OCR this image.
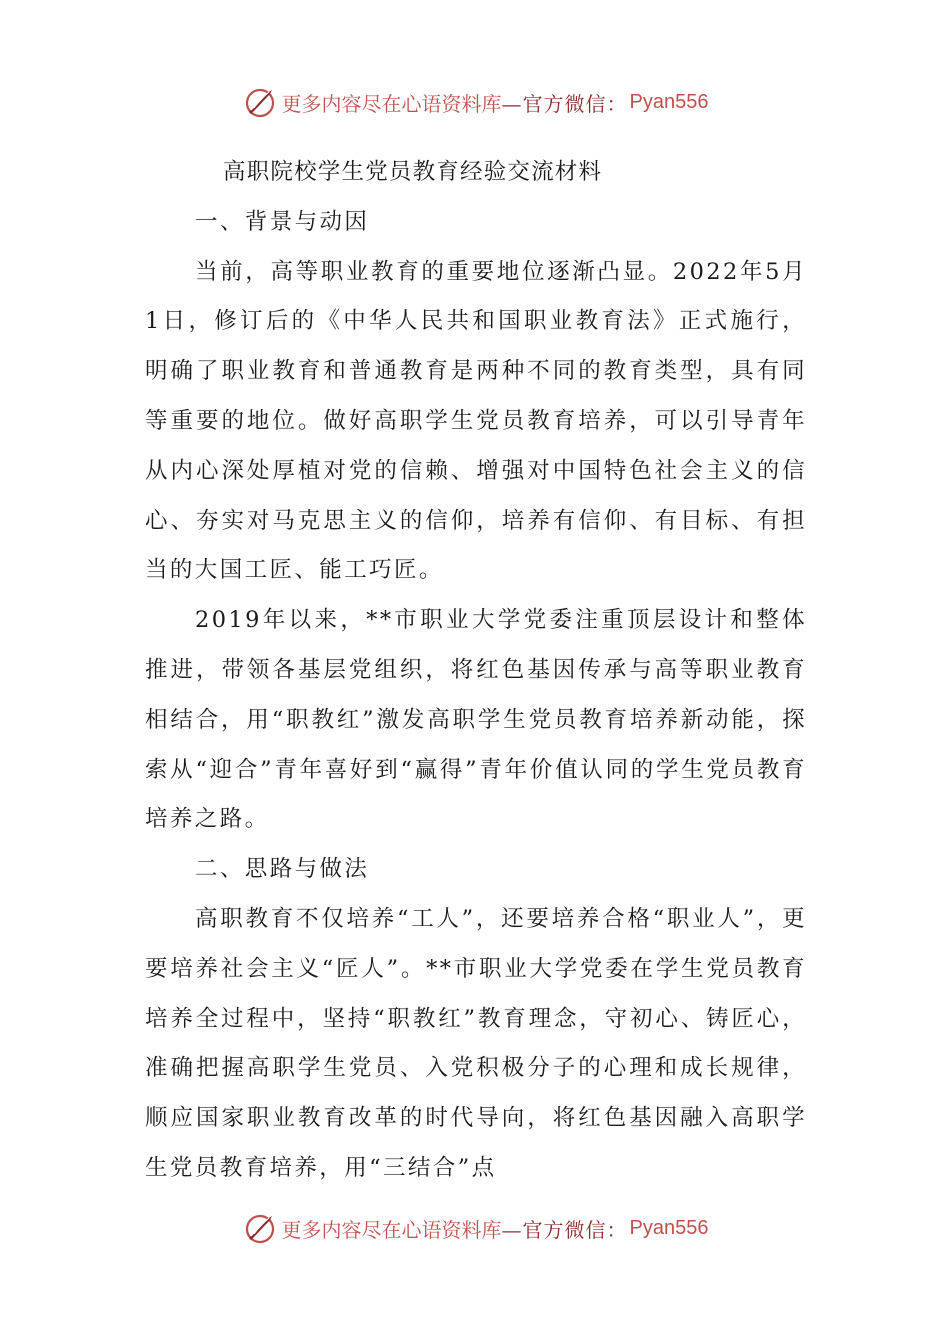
更多内容尽在心语资料库 —官方微信： Pyan556

高职院校学生党员教育经验交流材料

一、背景与动因

当前，高等职业教育的重要地位逐渐凸显。2022年5月1日，修订后的《中华人民共和国职业教育法》正式施行，明确了职业教育和普通教育是两种不同的教育类型，具有同等重要的地位。做好高职学生党员教育培养，可以引导青年从内心深处厚植对党的信赖、增强对中国特色社会主义的信心、夯实对马克思主义的信仰，培养有信仰、有目标、有担当的大国工匠、能工巧匠。

2019年以来，**市职业大学党委注重顶层设计和整体推进，带领各基层党组织，将红色基因传承与高等职业教育相结合，用“职教红”激发高职学生党员教育培养新动能，探索从“迎合”青年喜好到“赢得”青年价值认同的学生党员教育培养之路。

二、思路与做法

高职教育不仅培养“工人”，还要培养合格“职业人”，更要培养社会主义“匠人”。**市职业大学党委在学生党员教育培养全过程中，坚持“职教红”教育理念，守初心、铸匠心，准确把握高职学生党员、入党积极分子的心理和成长规律，顺应国家职业教育改革的时代导向，将红色基因融入高职学生党员教育培养，用“三结合”点

更多内容尽在心语资料库 —官方微信： Pyan556
